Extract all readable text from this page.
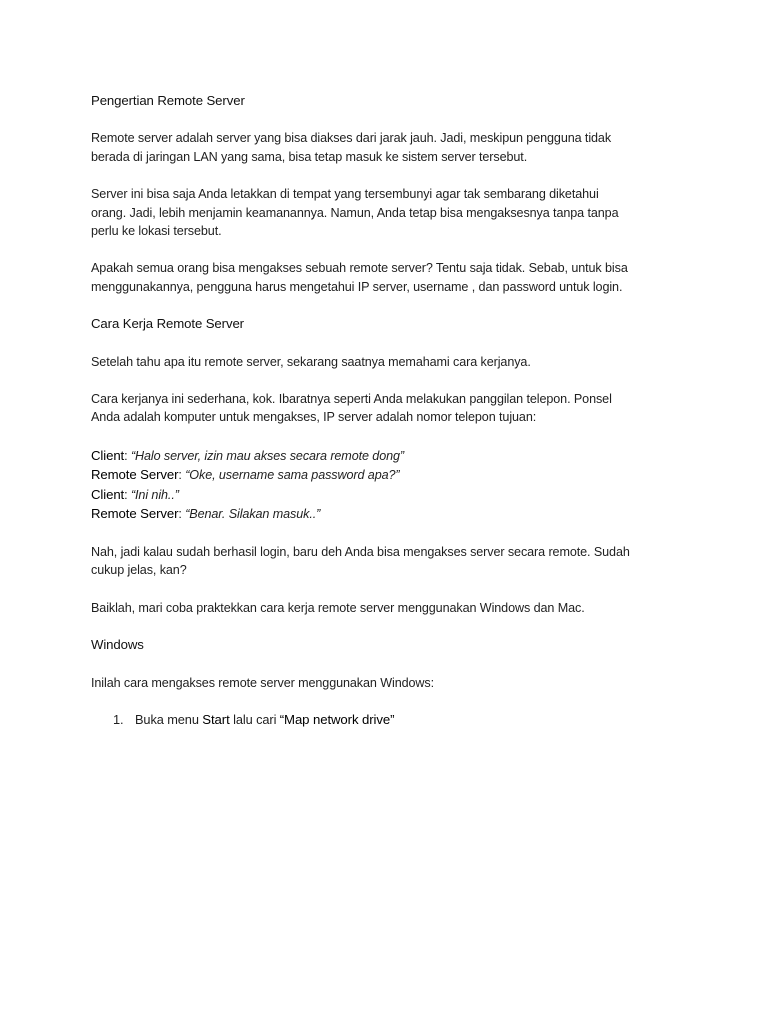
Pengertian Remote Server

Remote server adalah server yang bisa diakses dari jarak jauh. Jadi, meskipun pengguna tidak

berada di jaringan LAN yang sama, bisa tetap masuk ke sistem server tersebut.

Server ini bisa saja Anda letakkan di tempat yang tersembunyi agar tak sembarang diketahui

orang. Jadi, lebih menjamin keamanannya. Namun, Anda tetap bisa mengaksesnya tanpa tanpa

perlu ke lokasi tersebut.

Apakah semua orang bisa mengakses sebuah remote server? Tentu saja tidak. Sebab, untuk bisa

menggunakannya, pengguna harus mengetahui IP server, username , dan password untuk login.

Cara Kerja Remote Server

Setelah tahu apa itu remote server, sekarang saatnya memahami cara kerjanya.

Cara kerjanya ini sederhana, kok. Ibaratnya seperti Anda melakukan panggilan telepon. Ponsel

Anda adalah komputer untuk mengakses, IP server adalah nomor telepon tujuan:

Client: “Halo server, izin mau akses secara remote dong”
Remote Server: “Oke, username sama password apa?”
Client: “Ini nih..”
Remote Server: “Benar. Silakan masuk..”

Nah, jadi kalau sudah berhasil login, baru deh Anda bisa mengakses server secara remote. Sudah

cukup jelas, kan?

Baiklah, mari coba praktekkan cara kerja remote server menggunakan Windows dan Mac.

Windows

Inilah cara mengakses remote server menggunakan Windows:

1. Buka menu Start lalu cari “Map network drive”
